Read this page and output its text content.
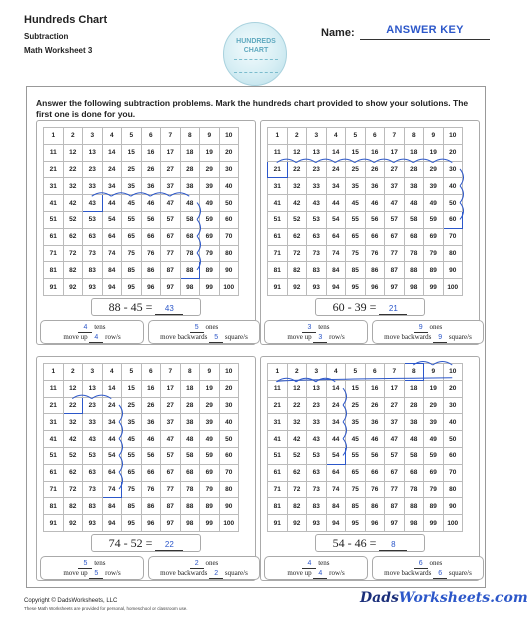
Hundreds Chart
Subtraction
Math Worksheet 3
HUNDREDS
CHART
Name:	ANSWER KEY
Answer the following subtraction problems. Mark the hundreds chart provided to show your solutions. The first one is done for you.
1	2	3	4	5	6	7	8	9	10
11	12	13	14	15	16	17	18	19	20
21	22	23	24	25	26	27	28	29	30
31	32	33	34	35	36	37	38	39	40
41	42	43	44	45	46	47	48	49	50
51	52	53	54	55	56	57	58	59	60
61	62	63	64	65	66	67	68	69	70
71	72	73	74	75	76	77	78	79	80
81	82	83	84	85	86	87	88	89	90
91	92	93	94	95	96	97	98	99	100
1	2	3	4	5	6	7	8	9	10
11	12	13	14	15	16	17	18	19	20
21	22	23	24	25	26	27	28	29	30
31	32	33	34	35	36	37	38	39	40
41	42	43	44	45	46	47	48	49	50
51	52	53	54	55	56	57	58	59	60
61	62	63	64	65	66	67	68	69	70
71	72	73	74	75	76	77	78	79	80
81	82	83	84	85	86	87	88	89	90
91	92	93	94	95	96	97	98	99	100
1	2	3	4	5	6	7	8	9	10
11	12	13	14	15	16	17	18	19	20
21	22	23	24	25	26	27	28	29	30
31	32	33	34	35	36	37	38	39	40
41	42	43	44	45	46	47	48	49	50
51	52	53	54	55	56	57	58	59	60
61	62	63	64	65	66	67	68	69	70
71	72	73	74	75	76	77	78	79	80
81	82	83	84	85	86	87	88	89	90
91	92	93	94	95	96	97	98	99	100
1	2	3	4	5	6	7	8	9	10
11	12	13	14	15	16	17	18	19	20
21	22	23	24	25	26	27	28	29	30
31	32	33	34	35	36	37	38	39	40
41	42	43	44	45	46	47	48	49	50
51	52	53	54	55	56	57	58	59	60
61	62	63	64	65	66	67	68	69	70
71	72	73	74	75	76	77	78	79	80
81	82	83	84	85	86	87	88	89	90
91	92	93	94	95	96	97	98	99	100
Copyright © DadsWorksheets, LLC
These Math Worksheets are provided for personal, homeschool or classroom use.
DadsWorksheets.com
88 - 45 = 43
4 tens
move up 4 row/s
5 ones
move backwards 5 square/s
60 - 39 = 21
3 tens
move up 3 row/s
9 ones
move backwards 9 square/s
74 - 52 = 22
5 tens
move up 5 row/s
2 ones
move backwards 2 square/s
54 - 46 = 8
4 tens
move up 4 row/s
6 ones
move backwards 6 square/s
